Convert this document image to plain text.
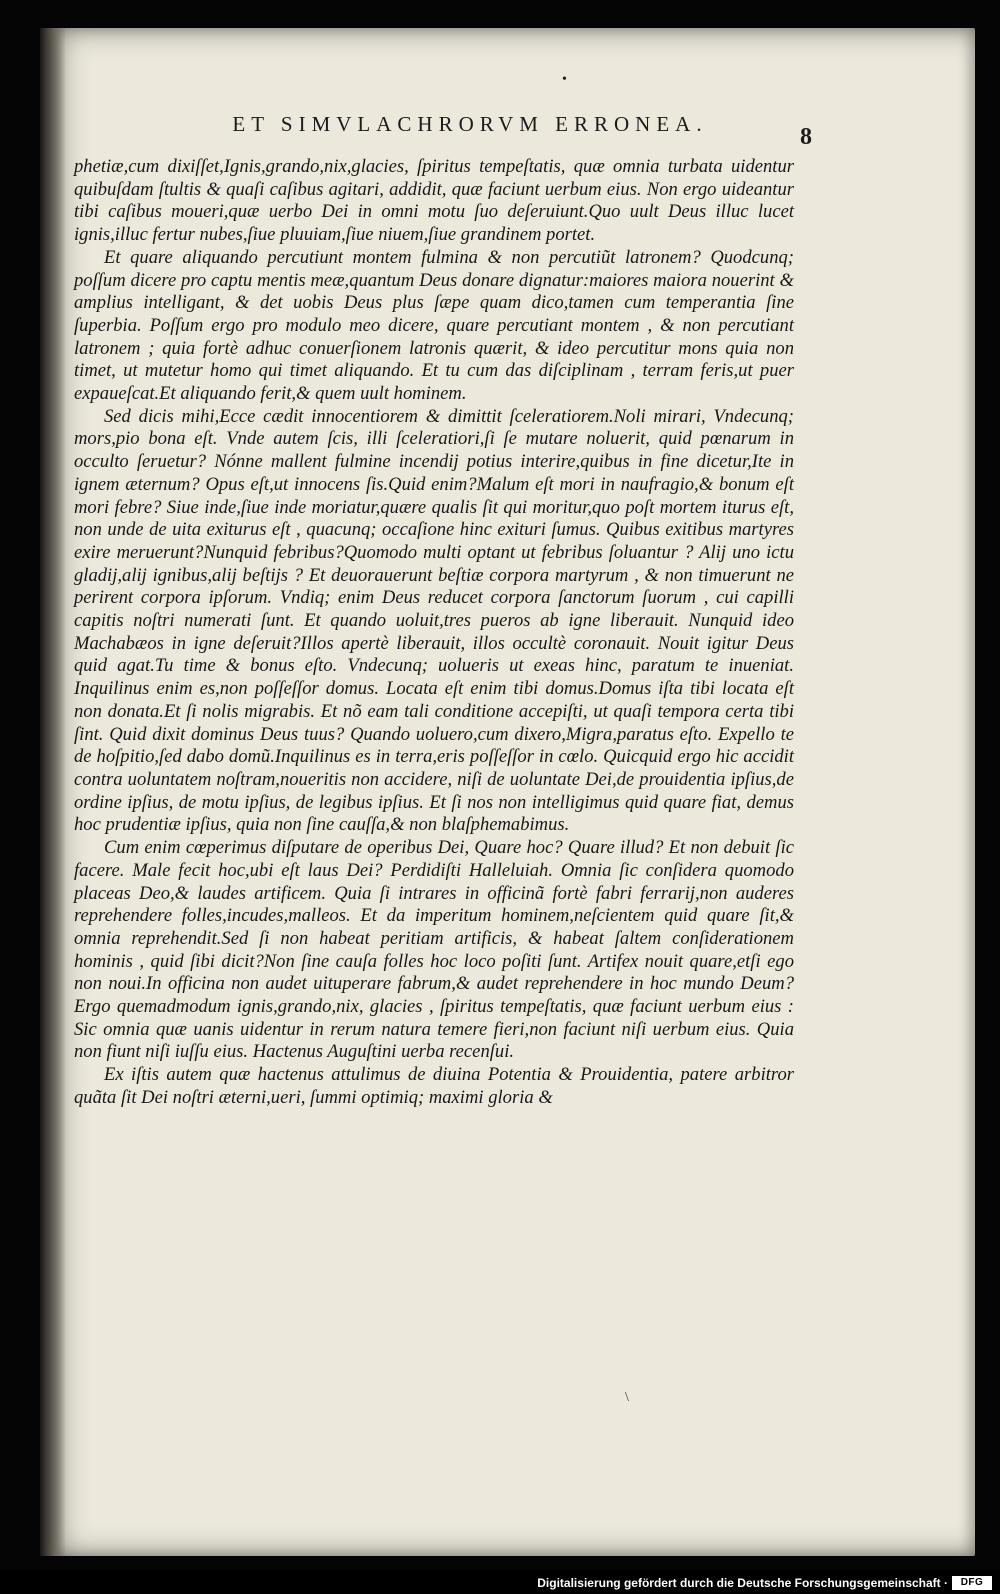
•
ET SIMVLACHRORVM ERRONEA.	8

phetiæ,cum dixiſſet,Ignis,grando,nix,glacies, ſpiritus tempeſtatis, quæ omnia turbata uidentur quibuſdam ſtultis & quaſi caſibus agitari, addidit, quæ faciunt uerbum eius. Non ergo uideantur tibi caſibus moueri,quæ uerbo Dei in omni motu ſuo deſeruiunt.Quo uult Deus illuc lucet ignis,illuc fertur nubes,ſiue pluuiam,ſiue niuem,ſiue grandinem portet.

Et quare aliquando percutiunt montem fulmina & non percutiũt latronem? Quodcunq; poſſum dicere pro captu mentis meæ,quantum Deus donare dignatur:maiores maiora nouerint & amplius intelligant, & det uobis Deus plus ſæpe quam dico,tamen cum temperantia ſine ſuperbia. Poſſum ergo pro modulo meo dicere, quare percutiant montem , & non percutiant latronem ; quia fortè adhuc conuerſionem latronis quærit, & ideo percutitur mons quia non timet, ut mutetur homo qui timet aliquando. Et tu cum das diſciplinam , terram feris,ut puer expaueſcat.Et aliquando ferit,& quem uult hominem.

Sed dicis mihi,Ecce cædit innocentiorem & dimittit ſceleratiorem.Noli mirari, Vndecunq; mors,pio bona eſt. Vnde autem ſcis, illi ſceleratiori,ſi ſe mutare noluerit, quid pœnarum in occulto ſeruetur? Nónne mallent fulmine incendij potius interire,quibus in fine dicetur,Ite in ignem æternum? Opus eſt,ut innocens ſis.Quid enim?Malum eſt mori in naufragio,& bonum eſt mori febre? Siue inde,ſiue inde moriatur,quære qualis ſit qui moritur,quo poſt mortem iturus eſt, non unde de uita exiturus eſt , quacunq; occaſione hinc exituri ſumus. Quibus exitibus martyres exire meruerunt?Nunquid febribus?Quomodo multi optant ut febribus ſoluantur ? Alij uno ictu gladij,alij ignibus,alij beſtijs ? Et deuorauerunt beſtiæ corpora martyrum , & non timuerunt ne perirent corpora ipſorum. Vndiq; enim Deus reducet corpora ſanctorum ſuorum , cui capilli capitis noſtri numerati ſunt. Et quando uoluit,tres pueros ab igne liberauit. Nunquid ideo Machabæos in igne deſeruit?Illos apertè liberauit, illos occultè coronauit. Nouit igitur Deus quid agat.Tu time & bonus eſto. Vndecunq; uolueris ut exeas hinc, paratum te inueniat. Inquilinus enim es,non poſſeſſor domus. Locata eſt enim tibi domus.Domus iſta tibi locata eſt non donata.Et ſi nolis migrabis. Et nõ eam tali conditione accepiſti, ut quaſi tempora certa tibi ſint. Quid dixit dominus Deus tuus? Quando uoluero,cum dixero,Migra,paratus eſto. Expello te de hoſpitio,ſed dabo domũ.Inquilinus es in terra,eris poſſeſſor in cœlo. Quicquid ergo hic accidit contra uoluntatem noſtram,noueritis non accidere, niſi de uoluntate Dei,de prouidentia ipſius,de ordine ipſius, de motu ipſius, de legibus ipſius. Et ſi nos non intelligimus quid quare fiat, demus hoc prudentiæ ipſius, quia non ſine cauſſa,& non blaſphemabimus.

Cum enim cœperimus diſputare de operibus Dei, Quare hoc? Quare illud? Et non debuit ſic facere. Male fecit hoc,ubi eſt laus Dei? Perdidiſti Halleluiah. Omnia ſic conſidera quomodo placeas Deo,& laudes artificem. Quia ſi intrares in officinã fortè fabri ferrarij,non auderes reprehendere folles,incudes,malleos. Et da imperitum hominem,neſcientem quid quare ſit,& omnia reprehendit.Sed ſi non habeat peritiam artificis, & habeat ſaltem conſiderationem hominis , quid ſibi dicit?Non ſine cauſa folles hoc loco poſiti ſunt. Artifex nouit quare,etſi ego non noui.In officina non audet uituperare fabrum,& audet reprehendere in hoc mundo Deum? Ergo quemadmodum ignis,grando,nix, glacies , ſpiritus tempeſtatis, quæ faciunt uerbum eius : Sic omnia quæ uanis uidentur in rerum natura temere fieri,non faciunt niſi uerbum eius. Quia non fiunt niſi iuſſu eius. Hactenus Auguſtini uerba recenſui.

Ex iſtis autem quæ hactenus attulimus de diuina Potentia & Prouidentia, patere arbitror quãta ſit Dei noſtri æterni,ueri, ſummi optimiq; maximi gloria &

\
Digitalisierung gefördert durch die Deutsche Forschungsgemeinschaft ·	DFG
